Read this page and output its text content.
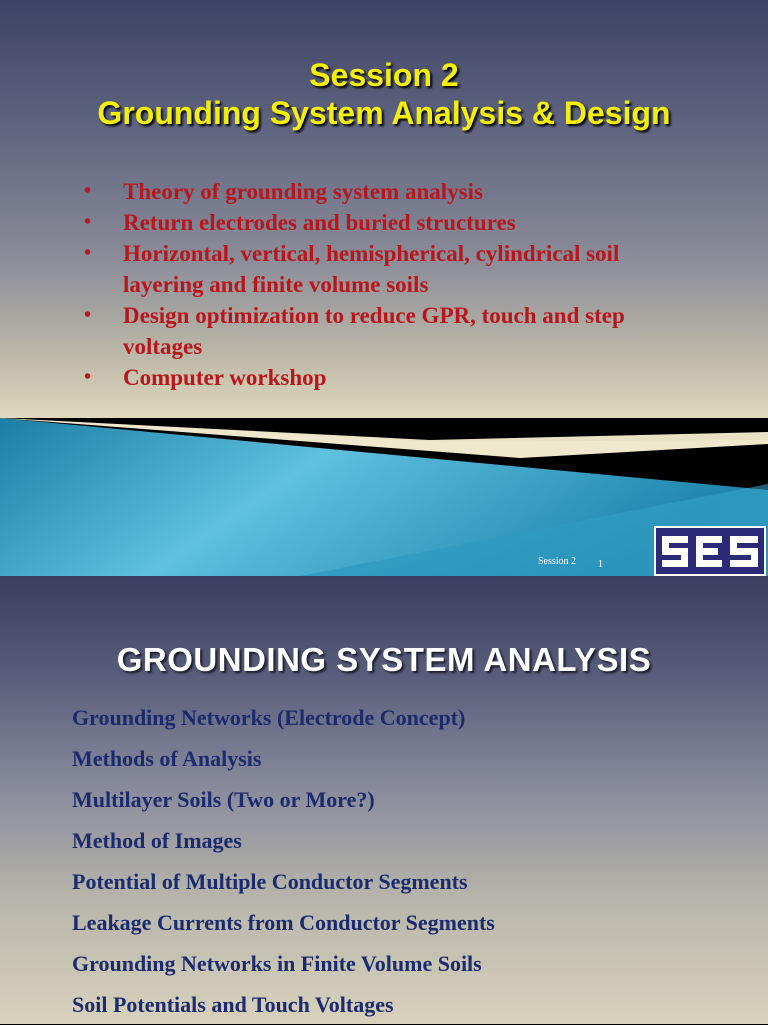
Session 2
Grounding System Analysis & Design
• Theory of grounding system analysis
• Return electrodes and buried structures
• Horizontal, vertical, hemispherical, cylindrical soil layering and finite volume soils
• Design optimization to reduce GPR, touch and step voltages
• Computer workshop
Session 2 1
GROUNDING SYSTEM ANALYSIS
Grounding Networks (Electrode Concept)
Methods of Analysis
Multilayer Soils (Two or More?)
Method of Images
Potential of Multiple Conductor Segments
Leakage Currents from Conductor Segments
Grounding Networks in Finite Volume Soils
Soil Potentials and Touch Voltages
